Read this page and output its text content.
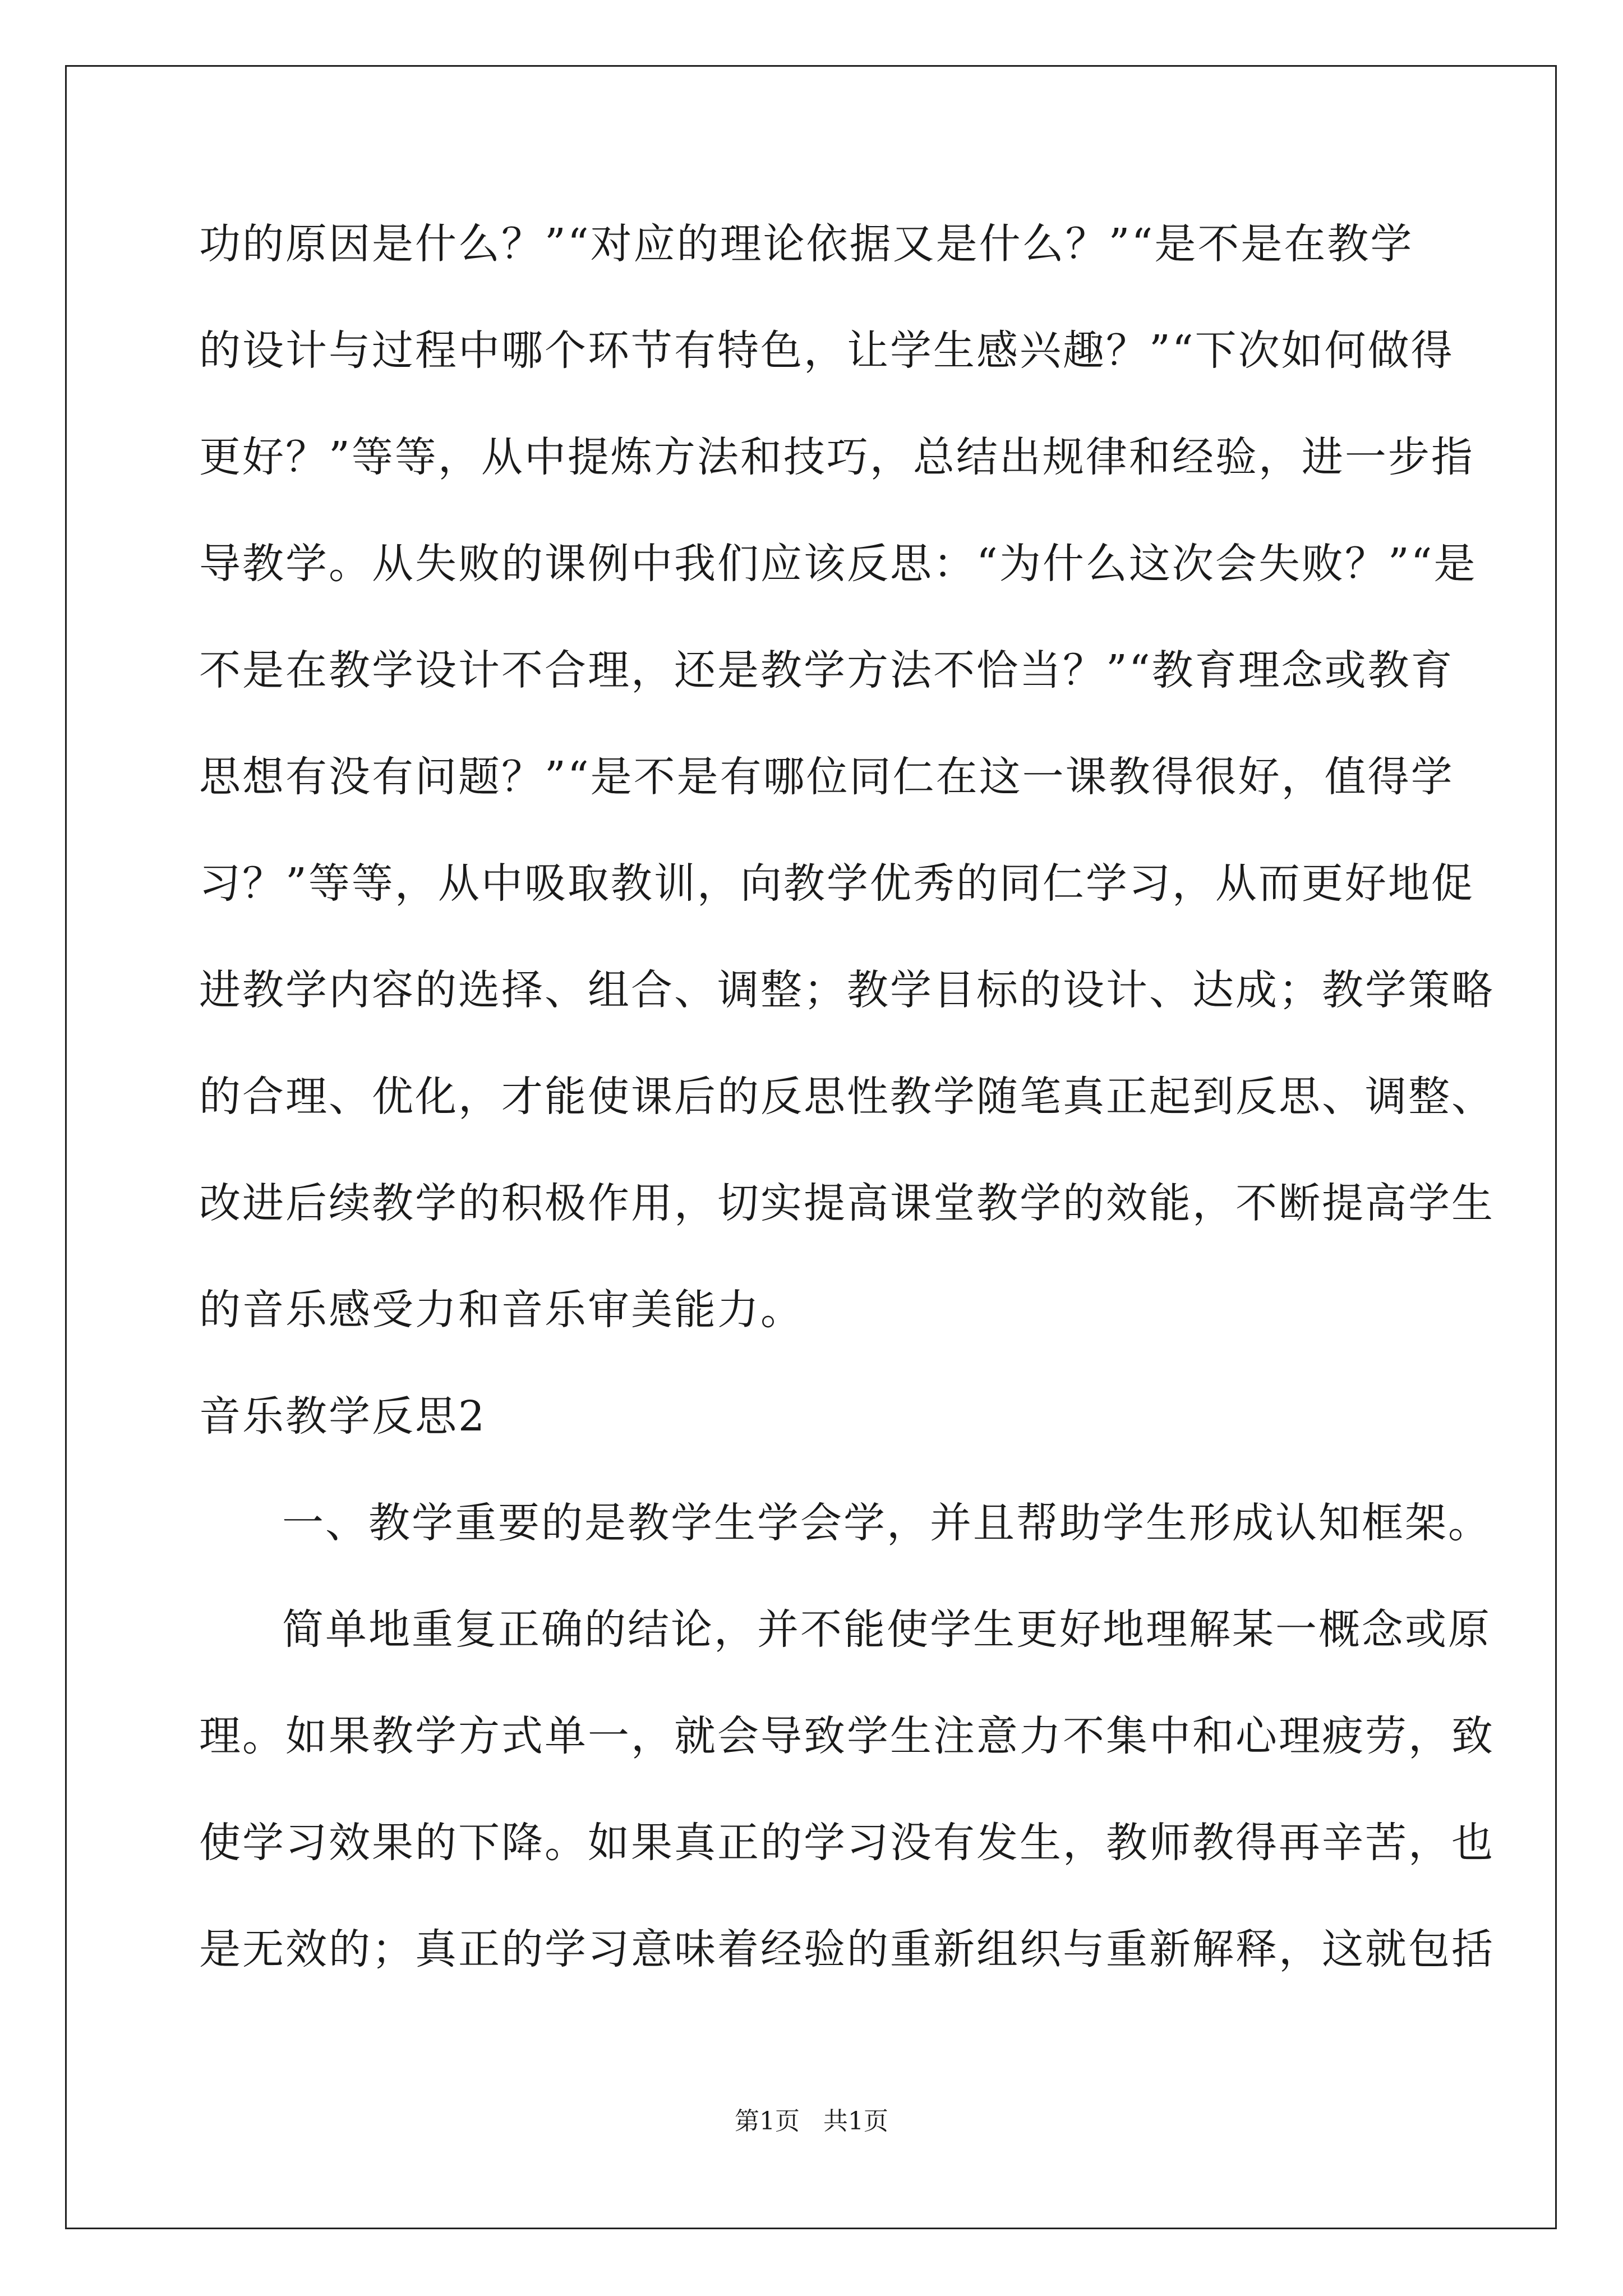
功的原因是什么？”“对应的理论依据又是什么？”“是不是在教学
的设计与过程中哪个环节有特色，让学生感兴趣？”“下次如何做得
更好？”等等，从中提炼方法和技巧，总结出规律和经验，进一步指
导教学。从失败的课例中我们应该反思：“为什么这次会失败？”“是
不是在教学设计不合理，还是教学方法不恰当？”“教育理念或教育
思想有没有问题？”“是不是有哪位同仁在这一课教得很好，值得学
习？”等等，从中吸取教训，向教学优秀的同仁学习，从而更好地促
进教学内容的选择、组合、调整；教学目标的设计、达成；教学策略
的合理、优化，才能使课后的反思性教学随笔真正起到反思、调整、
改进后续教学的积极作用，切实提高课堂教学的效能，不断提高学生
的音乐感受力和音乐审美能力。
音乐教学反思2
一、教学重要的是教学生学会学，并且帮助学生形成认知框架。
简单地重复正确的结论，并不能使学生更好地理解某一概念或原
理。如果教学方式单一，就会导致学生注意力不集中和心理疲劳，致
使学习效果的下降。如果真正的学习没有发生，教师教得再辛苦，也
是无效的；真正的学习意味着经验的重新组织与重新解释，这就包括
第1页   共1页
